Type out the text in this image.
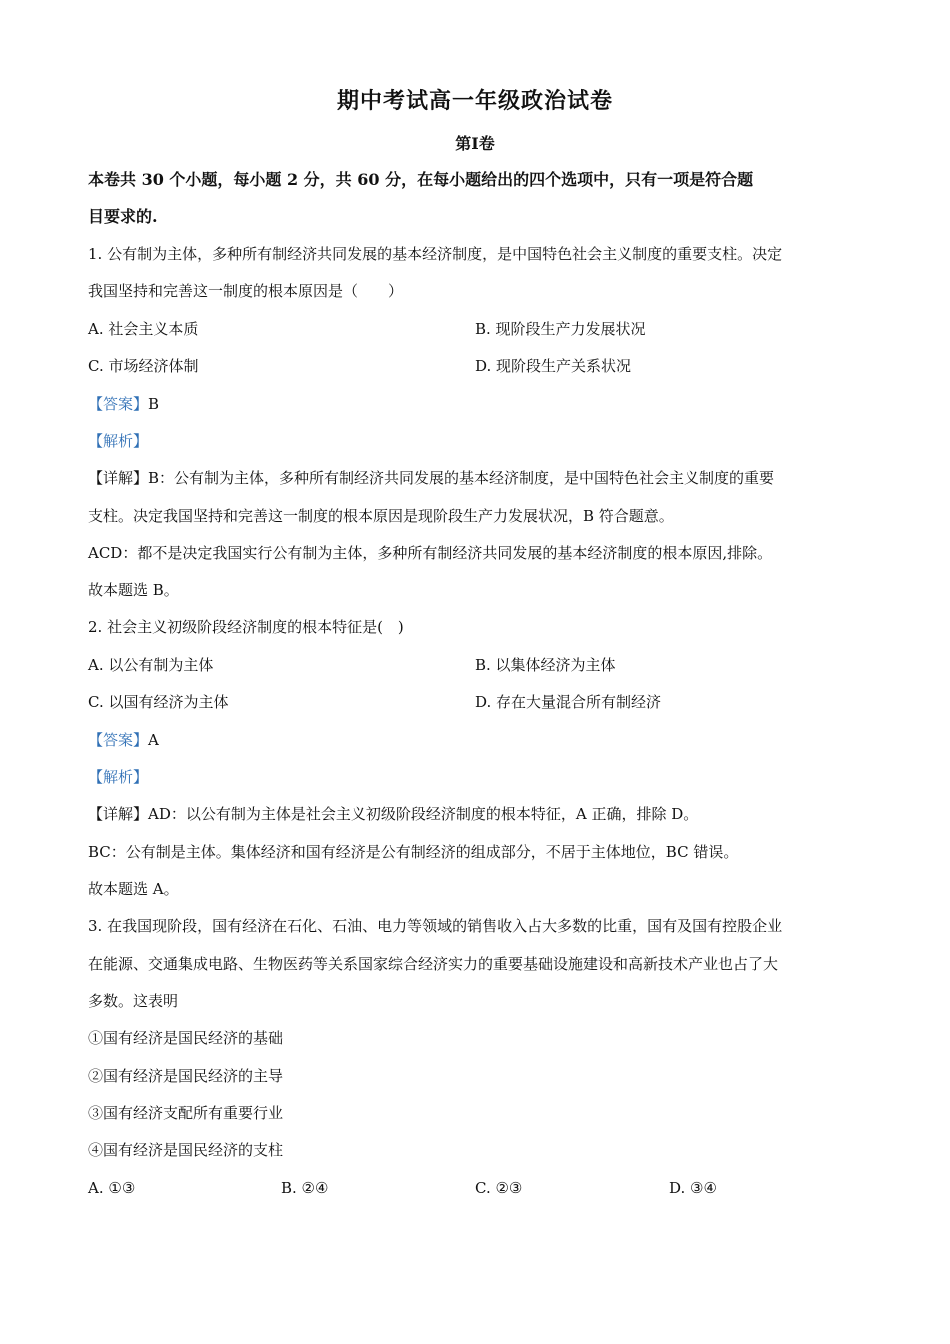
期中考试高一年级政治试卷
第Ⅰ卷
本卷共 30 个小题，每小题 2 分，共 60 分，在每小题给出的四个选项中，只有一项是符合题
目要求的.
1. 公有制为主体，多种所有制经济共同发展的基本经济制度，是中国特色社会主义制度的重要支柱。决定
我国坚持和完善这一制度的根本原因是（　　）
A. 社会主义本质	B. 现阶段生产力发展状况
C. 市场经济体制	D. 现阶段生产关系状况
【答案】B
【解析】
【详解】B：公有制为主体，多种所有制经济共同发展的基本经济制度，是中国特色社会主义制度的重要
支柱。决定我国坚持和完善这一制度的根本原因是现阶段生产力发展状况，B 符合题意。
ACD：都不是决定我国实行公有制为主体，多种所有制经济共同发展的基本经济制度的根本原因,排除。
故本题选 B。
2. 社会主义初级阶段经济制度的根本特征是(　)
A. 以公有制为主体	B. 以集体经济为主体
C. 以国有经济为主体	D. 存在大量混合所有制经济
【答案】A
【解析】
【详解】AD：以公有制为主体是社会主义初级阶段经济制度的根本特征，A 正确，排除 D。
BC：公有制是主体。集体经济和国有经济是公有制经济的组成部分，不居于主体地位，BC 错误。
故本题选 A。
3. 在我国现阶段，国有经济在石化、石油、电力等领域的销售收入占大多数的比重，国有及国有控股企业
在能源、交通集成电路、生物医药等关系国家综合经济实力的重要基础设施建设和高新技术产业也占了大
多数。这表明
①国有经济是国民经济的基础
②国有经济是国民经济的主导
③国有经济支配所有重要行业
④国有经济是国民经济的支柱
A. ①③	B. ②④	C. ②③	D. ③④
